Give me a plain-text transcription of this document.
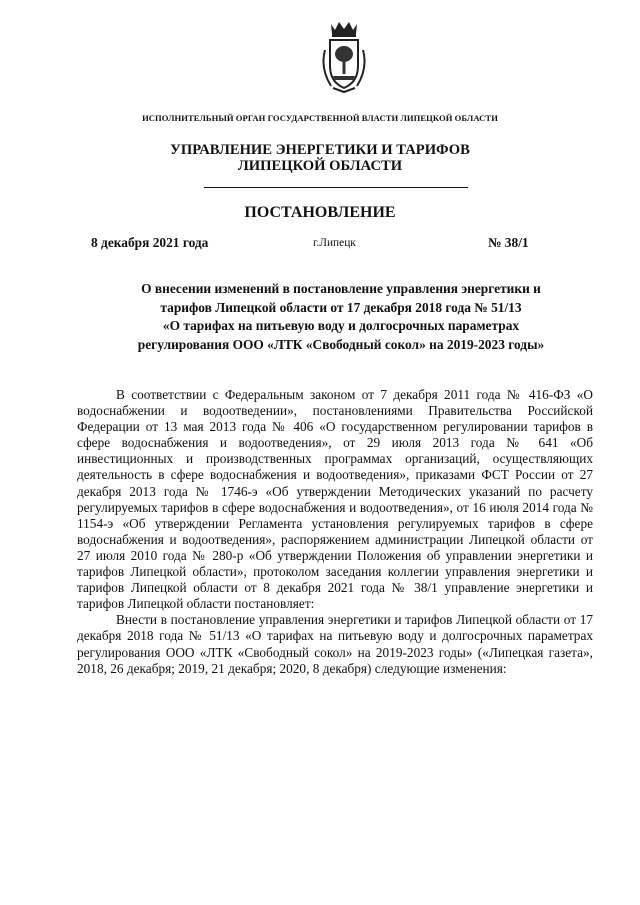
ИСПОЛНИТЕЛЬНЫЙ ОРГАН ГОСУДАРСТВЕННОЙ ВЛАСТИ ЛИПЕЦКОЙ ОБЛАСТИ
УПРАВЛЕНИЕ ЭНЕРГЕТИКИ И ТАРИФОВ
ЛИПЕЦКОЙ ОБЛАСТИ
ПОСТАНОВЛЕНИЕ
8 декабря 2021 года	г.Липецк	№ 38/1
О внесении изменений в постановление управления энергетики и
тарифов Липецкой области от 17 декабря 2018 года № 51/13
«О тарифах на питьевую воду и долгосрочных параметрах
регулирования ООО «ЛТК «Свободный сокол» на 2019-2023 годы»

В соответствии с Федеральным законом от 7 декабря 2011 года № 416-ФЗ «О водоснабжении и водоотведении», постановлениями Правительства Российской Федерации от 13 мая 2013 года № 406 «О государственном регулировании тарифов в сфере водоснабжения и водоотведения», от 29 июля 2013 года № 641 «Об инвестиционных и производственных программах организаций, осуществляющих деятельность в сфере водоснабжения и водоотведения», приказами ФСТ России от 27 декабря 2013 года № 1746-э «Об утверждении Методических указаний по расчету регулируемых тарифов в сфере водоснабжения и водоотведения», от 16 июля 2014 года № 1154-э «Об утверждении Регламента установления регулируемых тарифов в сфере водоснабжения и водоотведения», распоряжением администрации Липецкой области от 27 июля 2010 года № 280-р «Об утверждении Положения об управлении энергетики и тарифов Липецкой области», протоколом заседания коллегии управления энергетики и тарифов Липецкой области от 8 декабря 2021 года № 38/1 управление энергетики и тарифов Липецкой области постановляет:

Внести в постановление управления энергетики и тарифов Липецкой области от 17 декабря 2018 года № 51/13 «О тарифах на питьевую воду и долгосрочных параметрах регулирования ООО «ЛТК «Свободный сокол» на 2019-2023 годы» («Липецкая газета», 2018, 26 декабря; 2019, 21 декабря; 2020, 8 декабря) следующие изменения:
